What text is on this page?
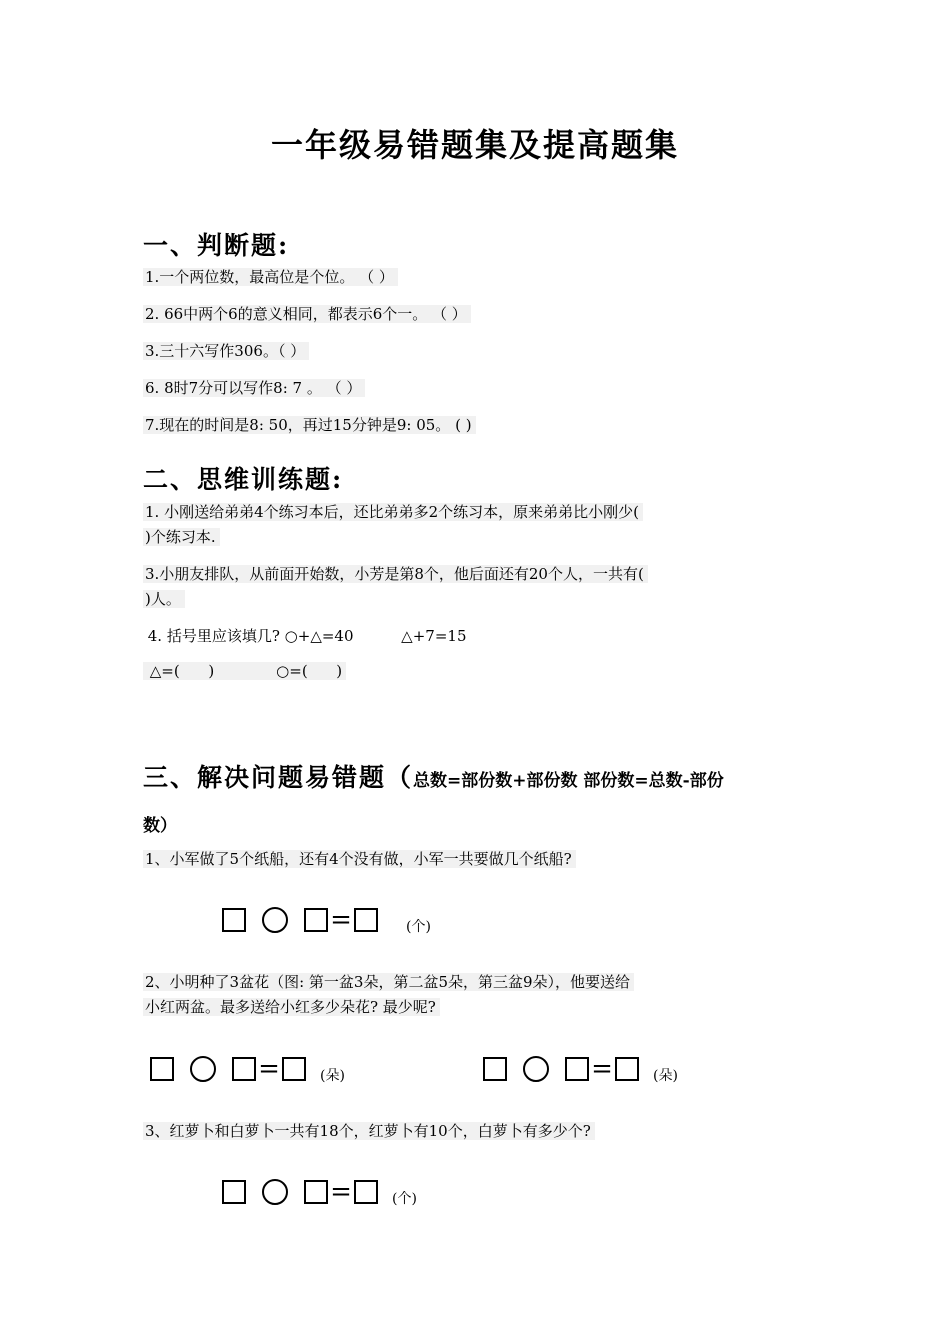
一年级易错题集及提高题集
一、判断题:
1.一个两位数，最高位是个位。 （ ）
2. 66中两个6的意义相同，都表示6个一。 （ ）
3.三十六写作306。（ ）
6. 8时7分可以写作8: 7 。 （ ）
7.现在的时间是8: 50，再过15分钟是9: 05。 ( )
二、思维训练题:
1. 小刚送给弟弟4个练习本后，还比弟弟多2个练习本，原来弟弟比小刚少(
)个练习本.
3.小朋友排队，从前面开始数，小芳是第8个，他后面还有20个人，一共有(
)人。
4. 括号里应该填几? ○+△=40          △+7=15
△=(      )             ○=(      )
三、解决问题易错题（总数=部份数+部份数 部份数=总数-部份
数）
1、小军做了5个纸船，还有4个没有做，小军一共要做几个纸船?
=	(个)
2、小明种了3盆花（图: 第一盆3朵，第二盆5朵，第三盆9朵），他要送给
小红两盆。最多送给小红多少朵花? 最少呢?
=	(朵)	=	(朵)
3、红萝卜和白萝卜一共有18个，红萝卜有10个，白萝卜有多少个?
=	(个)
